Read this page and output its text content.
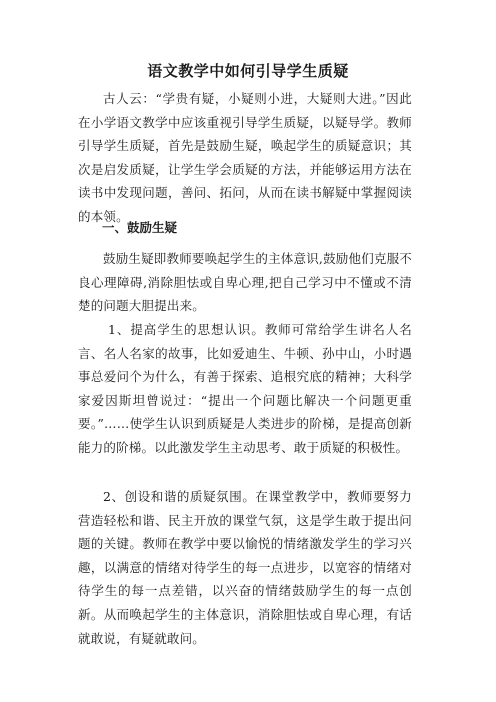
语文教学中如何引导学生质疑
古人云：“学贵有疑，小疑则小进，大疑则大进。”因此在小学语文教学中应该重视引导学生质疑，以疑导学。教师引导学生质疑，首先是鼓励生疑，唤起学生的质疑意识；其次是启发质疑，让学生学会质疑的方法，并能够运用方法在读书中发现问题，善问、拓问，从而在读书解疑中掌握阅读的本领。
一、鼓励生疑
鼓励生疑即教师要唤起学生的主体意识,鼓励他们克服不良心理障碍,消除胆怯或自卑心理,把自己学习中不懂或不清楚的问题大胆提出来。
1、提高学生的思想认识。教师可常给学生讲名人名言、名人名家的故事，比如爱迪生、牛顿、孙中山，小时遇事总爱问个为什么，有善于探索、追根究底的精神；大科学家爱因斯坦曾说过：“提出一个问题比解决一个问题更重要。”……使学生认识到质疑是人类进步的阶梯，是提高创新能力的阶梯。以此激发学生主动思考、敢于质疑的积极性。
2、创设和谐的质疑氛围。在课堂教学中，教师要努力营造轻松和谐、民主开放的课堂气氛，这是学生敢于提出问题的关键。教师在教学中要以愉悦的情绪激发学生的学习兴趣，以满意的情绪对待学生的每一点进步，以宽容的情绪对待学生的每一点差错，以兴奋的情绪鼓励学生的每一点创新。从而唤起学生的主体意识，消除胆怯或自卑心理，有话就敢说，有疑就敢问。
